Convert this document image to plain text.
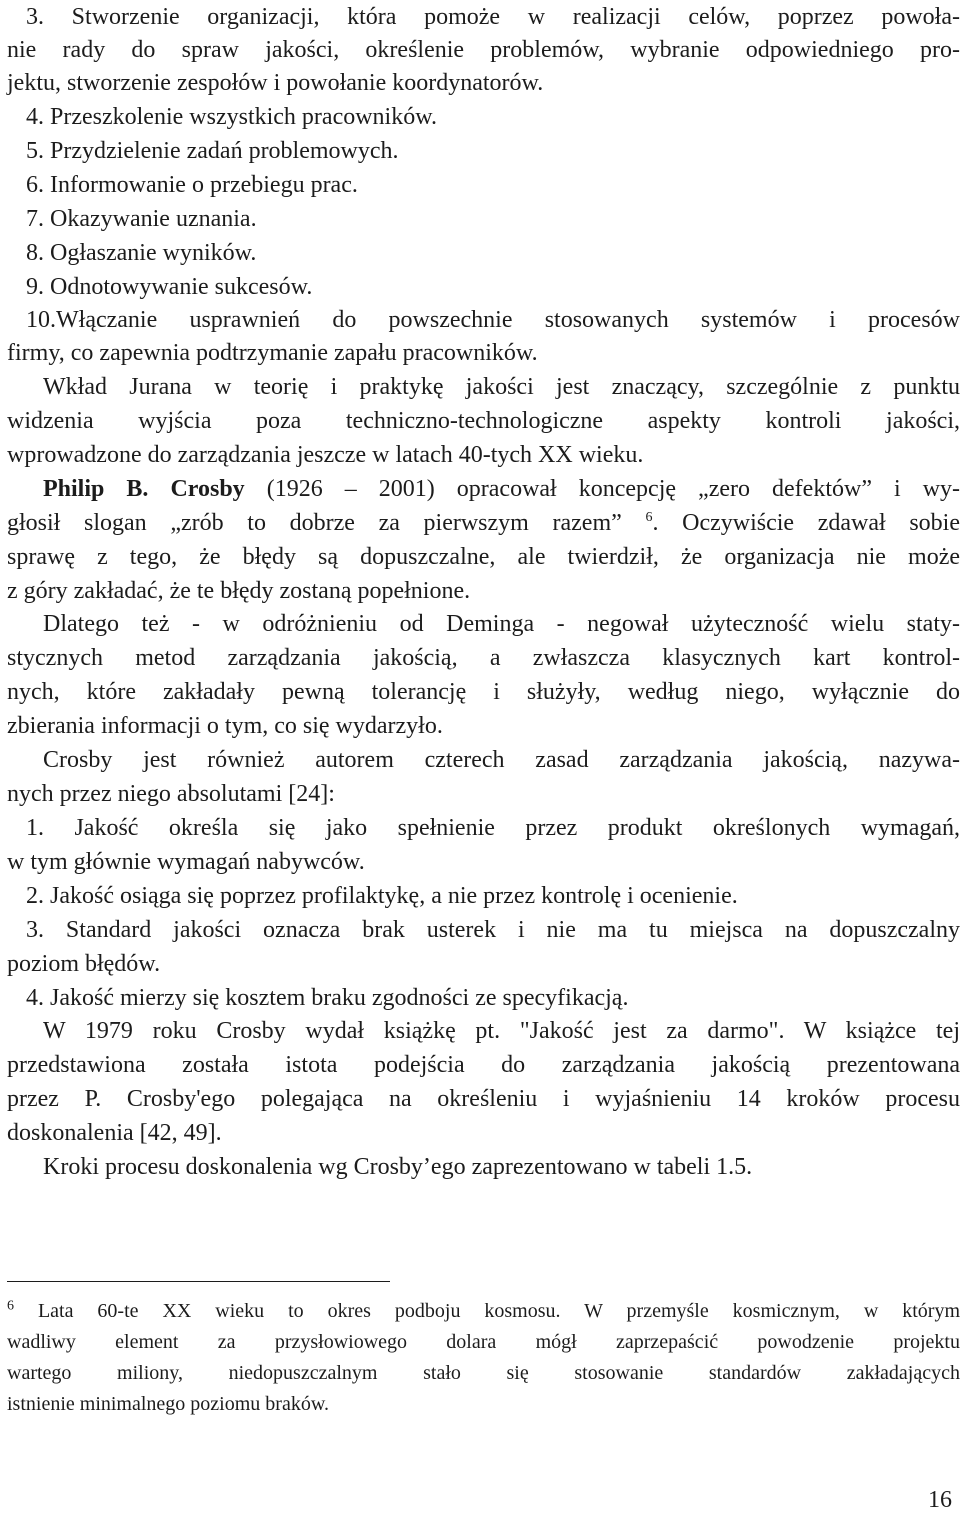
3. Stworzenie organizacji, która pomoże w realizacji celów, poprzez powoła-
nie rady do spraw jakości, określenie problemów, wybranie odpowiedniego pro-
jektu, stworzenie zespołów i powołanie koordynatorów.
4. Przeszkolenie wszystkich pracowników.
5. Przydzielenie zadań problemowych.
6. Informowanie o przebiegu prac.
7. Okazywanie uznania.
8. Ogłaszanie wyników.
9. Odnotowywanie sukcesów.
10.Włączanie usprawnień do powszechnie stosowanych systemów i procesów
firmy, co zapewnia podtrzymanie zapału pracowników.
Wkład Jurana w teorię i praktykę jakości jest znaczący, szczególnie z punktu
widzenia wyjścia poza techniczno-technologiczne aspekty kontroli jakości,
wprowadzone do zarządzania jeszcze w latach 40-tych XX wieku.
Philip B. Crosby (1926 – 2001) opracował koncepcję „zero defektów” i wy-
głosił slogan „zrób to dobrze za pierwszym razem” $^6$. Oczywiście zdawał sobie
sprawę z tego, że błędy są dopuszczalne, ale twierdził, że organizacja nie może
z góry zakładać, że te błędy zostaną popełnione.
Dlatego też - w odróżnieniu od Deminga - negował użyteczność wielu staty-
stycznych metod zarządzania jakością, a zwłaszcza klasycznych kart kontrol-
nych, które zakładały pewną tolerancję i służyły, według niego, wyłącznie do
zbierania informacji o tym, co się wydarzyło.
Crosby jest również autorem czterech zasad zarządzania jakością, nazywa-
nych przez niego absolutami [24]:
1. Jakość określa się jako spełnienie przez produkt określonych wymagań,
w tym głównie wymagań nabywców.
2. Jakość osiąga się poprzez profilaktykę, a nie przez kontrolę i ocenienie.
3. Standard jakości oznacza brak usterek i nie ma tu miejsca na dopuszczalny
poziom błędów.
4. Jakość mierzy się kosztem braku zgodności ze specyfikacją.
W 1979 roku Crosby wydał książkę pt. "Jakość jest za darmo". W książce tej
przedstawiona została istota podejścia do zarządzania jakością prezentowana
przez P. Crosby'ego polegająca na określeniu i wyjaśnieniu 14 kroków procesu
doskonalenia [42, 49].
Kroki procesu doskonalenia wg Crosby’ego zaprezentowano w tabeli 1.5.
$^6$ Lata 60-te XX wieku to okres podboju kosmosu. W przemyśle kosmicznym, w którym
wadliwy element za przysłowiowego dolara mógł zaprzepaścić powodzenie projektu
wartego miliony, niedopuszczalnym stało się stosowanie standardów zakładających
istnienie minimalnego poziomu braków.
16
